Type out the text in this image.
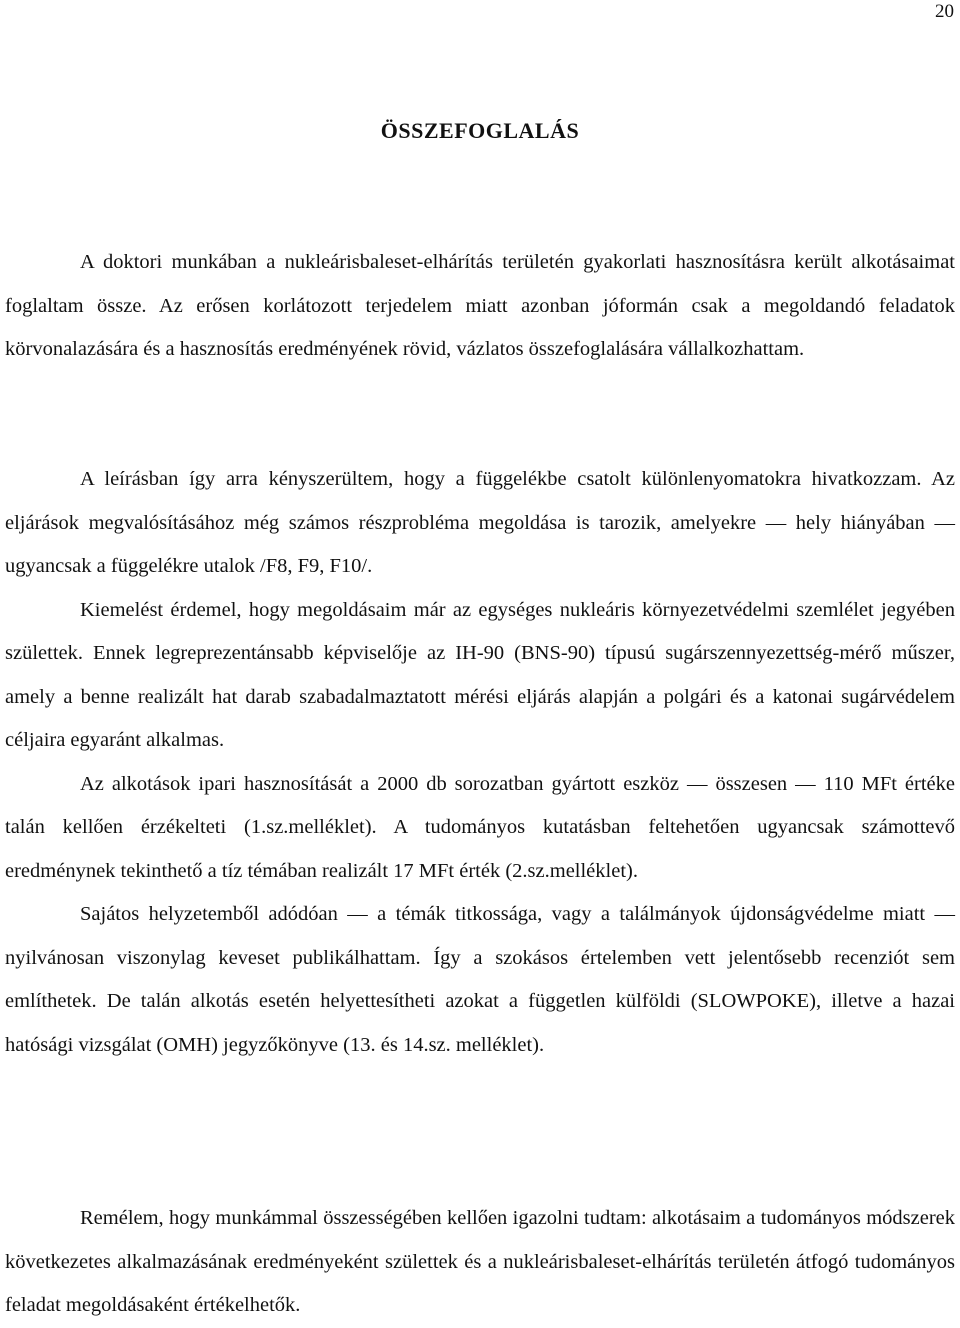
20
ÖSSZEFOGLALÁS

A doktori munkában a nukleárisbaleset-elhárítás területén gyakorlati hasznosításra került alkotásaimat foglaltam össze. Az erősen korlátozott terjedelem miatt azonban jóformán csak a megoldandó feladatok körvonalazására és a hasznosítás eredményének rövid, vázlatos összefoglalására vállalkozhattam.

A leírásban így arra kényszerültem, hogy a függelékbe csatolt különlenyomatokra hivatkozzam. Az eljárások megvalósításához még számos részprobléma megoldása is tarozik, amelyekre — hely hiányában — ugyancsak a függelékre utalok /F8, F9, F10/.

Kiemelést érdemel, hogy megoldásaim már az egységes nukleáris környezetvédelmi szemlélet jegyében születtek. Ennek legreprezentánsabb képviselője az IH-90 (BNS-90) típusú sugárszennyezettség-mérő műszer, amely a benne realizált hat darab szabadalmaztatott mérési eljárás alapján a polgári és a katonai sugárvédelem céljaira egyaránt alkalmas.

Az alkotások ipari hasznosítását a 2000 db sorozatban gyártott eszköz — összesen — 110 MFt értéke talán kellően érzékelteti (1.sz.melléklet). A tudományos kutatásban feltehetően ugyancsak számottevő eredménynek tekinthető a tíz témában realizált 17 MFt érték (2.sz.melléklet).

Sajátos helyzetemből adódóan — a témák titkossága, vagy a találmányok újdonságvédelme miatt — nyilvánosan viszonylag keveset publikálhattam. Így a szokásos értelemben vett jelentősebb recenziót sem említhetek. De talán alkotás esetén helyettesítheti azokat a független külföldi (SLOWPOKE), illetve a hazai hatósági vizsgálat (OMH) jegyzőkönyve (13. és 14.sz. melléklet).

Remélem, hogy munkámmal összességében kellően igazolni tudtam: alkotásaim a tudományos módszerek következetes alkalmazásának eredményeként születtek és a nukleárisbaleset-elhárítás területén átfogó tudományos feladat megoldásaként értékelhetők.
